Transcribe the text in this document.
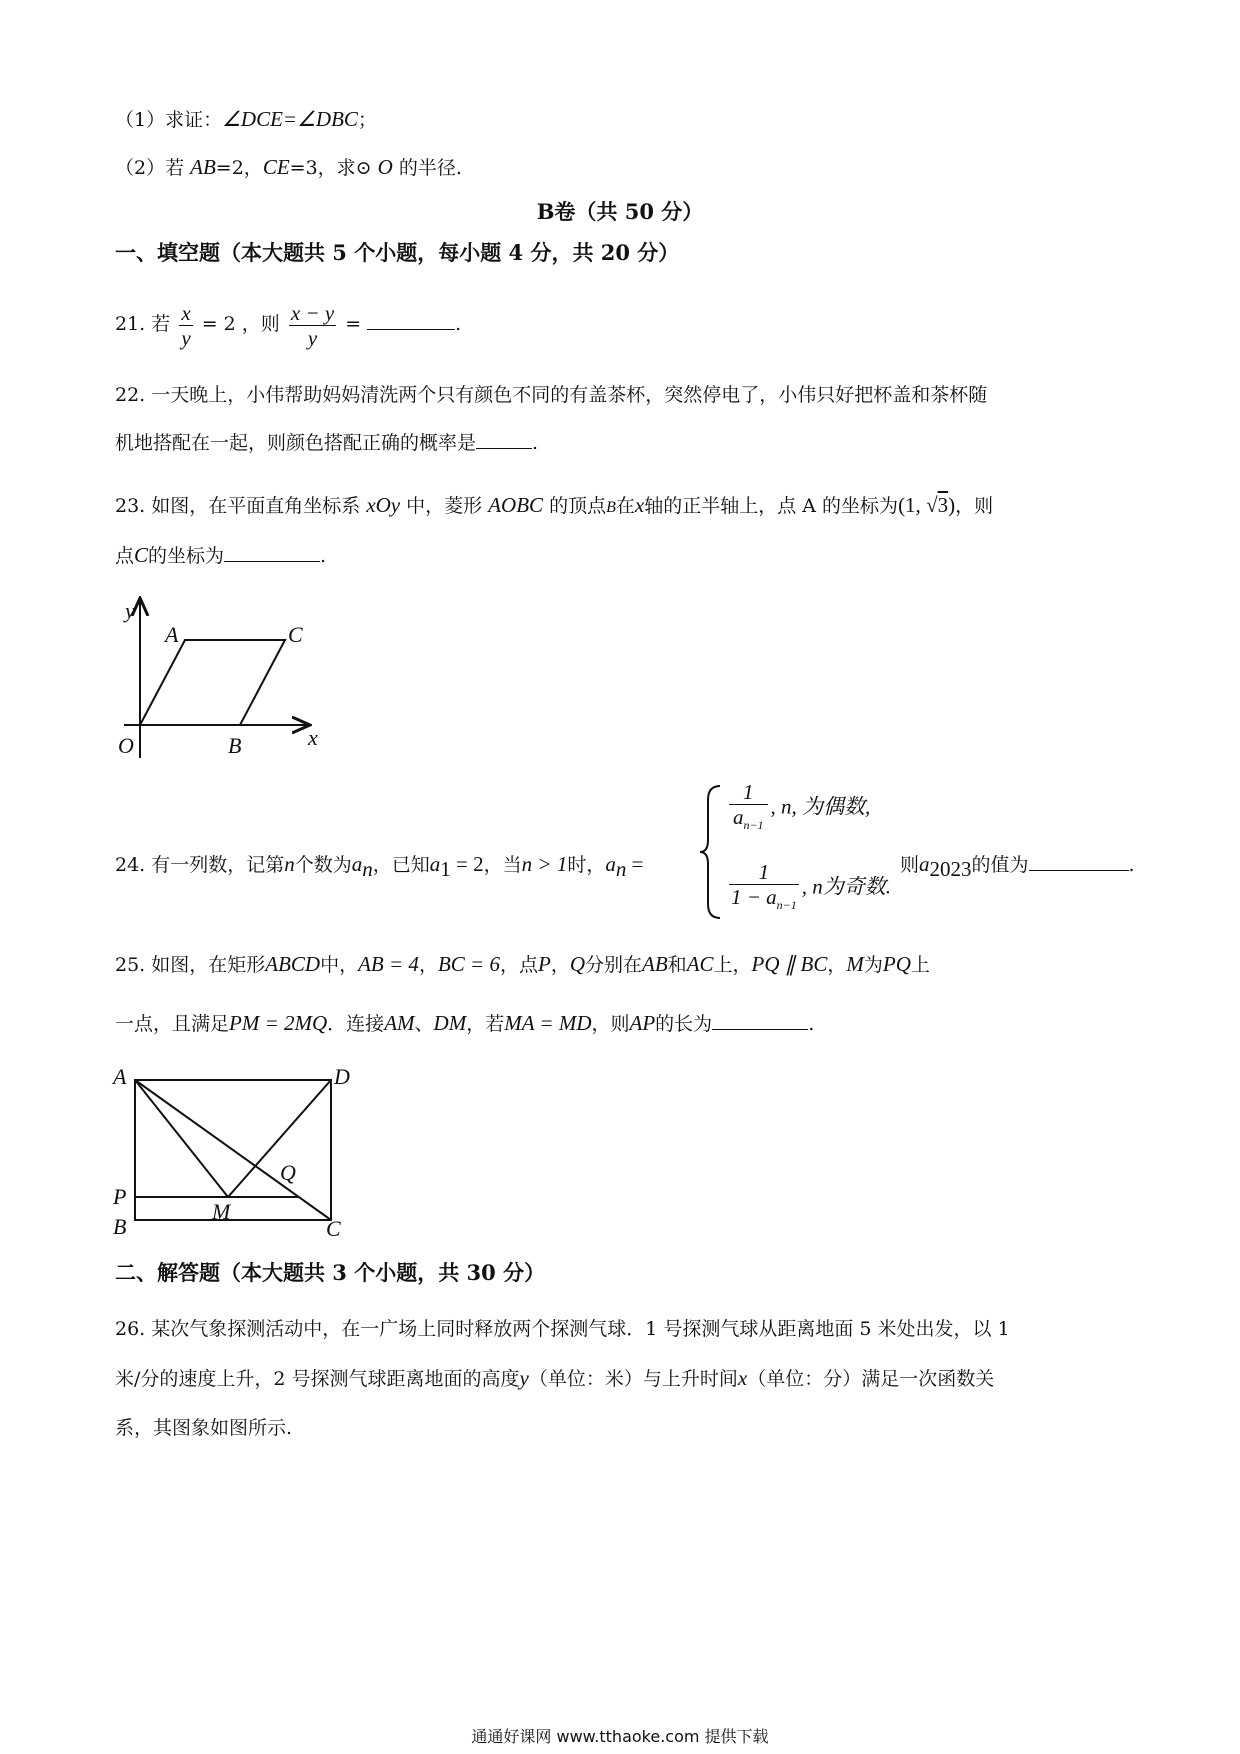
（1）求证：∠DCE=∠DBC；
（2）若 AB=2，CE=3，求⊙ O 的半径.
B卷（共 50 分）
一、填空题（本大题共 5 个小题，每小题 4 分，共 20 分）
21. 若 $\frac{x}{y} = 2$ ，则 $\frac{x - y}{y}$ =	.
22. 一天晚上，小伟帮助妈妈清洗两个只有颜色不同的有盖茶杯，突然停电了，小伟只好把杯盖和茶杯随
机地搭配在一起，则颜色搭配正确的概率是	.
23. 如图，在平面直角坐标系 xOy 中，菱形 AOBC 的顶点B在x轴的正半轴上，点 A 的坐标为(1, √3)，则
点C的坐标为	.
y
A	C
O	B	x
24. 有一列数，记第n个数为$a_n$，已知$a_1 = 2$，当n > 1时，$a_n$ =
$\frac{1}{a_{n-1}}$ , n, 为偶数,
$\frac{1}{1 - a_{n-1}}$ , n为奇数.
则$a_{2023}$的值为	.
25. 如图，在矩形ABCD中，AB = 4，BC = 6，点P，Q分别在AB和AC上，PQ ∥ BC，M为PQ上
一点，且满足PM = 2MQ．连接AM、DM，若MA = MD，则AP的长为	.
A	D
Q
P
M
B	C
二、解答题（本大题共 3 个小题，共 30 分）
26. 某次气象探测活动中，在一广场上同时释放两个探测气球．1 号探测气球从距离地面 5 米处出发，以 1
米/分的速度上升，2 号探测气球距离地面的高度y（单位：米）与上升时间x（单位：分）满足一次函数关
系，其图象如图所示.
通通好课网 www.tthaoke.com 提供下载
